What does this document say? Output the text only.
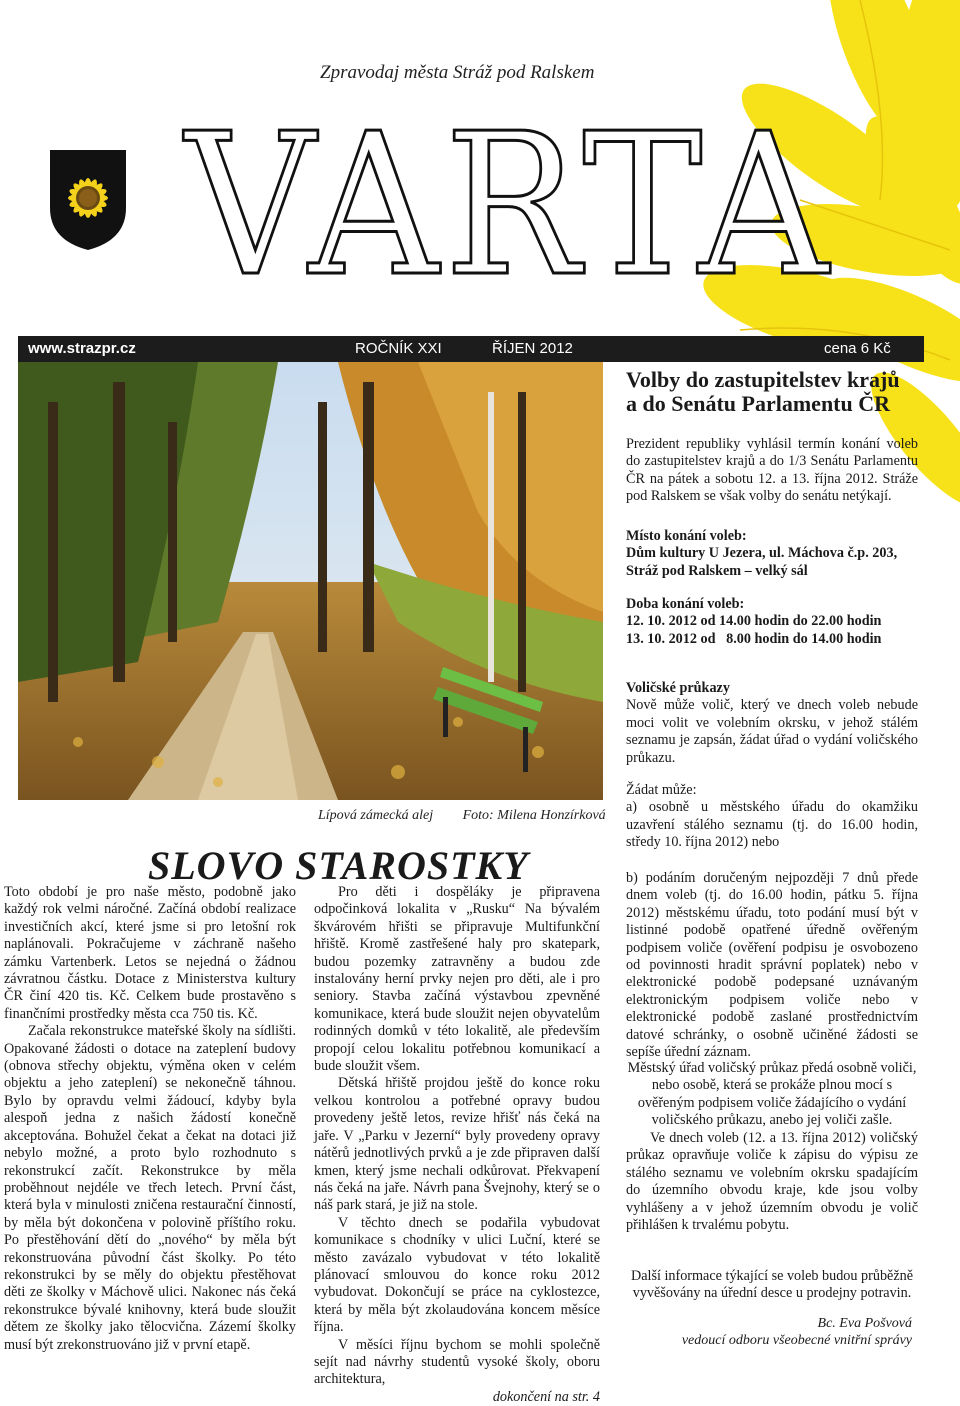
Zpravodaj města Stráž pod Ralskem
VARTA
www.strazpr.cz	ROČNÍK XXI	ŘÍJEN 2012	cena 6 Kč
Lípová zámecká alej Foto: Milena Honzírková
Volby do zastupitelstev krajů
a do Senátu Parlamentu ČR

Prezident republiky vyhlásil termín konání voleb do zastupitelstev krajů a do 1/3 Senátu Parlamentu ČR na pátek a sobotu 12. a 13. října 2012. Stráže pod Ralskem se však volby do senátu netýkají.

Místo konání voleb:

Dům kultury U Jezera, ul. Máchova č.p. 203,

Stráž pod Ralskem – velký sál

Doba konání voleb:

12. 10. 2012 od 14.00 hodin do 22.00 hodin

13. 10. 2012 od   8.00 hodin do 14.00 hodin

Voličské průkazy

Nově může volič, který ve dnech voleb nebude moci volit ve volebním okrsku, v jehož stálém seznamu je zapsán, žádat úřad o vydání voličského průkazu.

Žádat může:

a) osobně u městského úřadu do okamžiku uzavření stálého seznamu (tj. do 16.00 hodin, středy 10. října 2012) nebo

b) podáním doručeným nejpozději 7 dnů přede dnem voleb (tj. do 16.00 hodin, pátku 5. října 2012) městskému úřadu, toto podání musí být v listinné podobě opatřené úředně ověřeným podpisem voliče (ověření podpisu je osvobozeno od povinnosti hradit správní poplatek) nebo v elektronické podobě podepsané uznávaným elektronickým podpisem voliče nebo v elektronické podobě zaslané prostřednictvím datové schránky, o osobně učiněné žádosti se sepíše úřední záznam.

Městský úřad voličský průkaz předá osobně voliči, nebo osobě, která se prokáže plnou mocí s ověřeným podpisem voliče žádajícího o vydání voličského průkazu, anebo jej voliči zašle.

Ve dnech voleb (12. a 13. října 2012) voličský průkaz opravňuje voliče k zápisu do výpisu ze stálého seznamu ve volebním okrsku spadajícím do územního obvodu kraje, kde jsou volby vyhlášeny a v jehož územním obvodu je volič přihlášen k trvalému pobytu.

Další informace týkající se voleb budou průběžně vyvěšovány na úřední desce u prodejny potravin.

Bc. Eva Pošvová
vedoucí odboru všeobecné vnitřní správy
SLOVO STAROSTKY

Toto období je pro naše město, podobně jako každý rok velmi náročné. Začíná období realizace investičních akcí, které jsme si pro letošní rok naplánovali. Pokračujeme v záchraně našeho zámku Vartenberk. Letos se nejedná o žádnou závratnou částku. Dotace z Ministerstva kultury ČR činí 420 tis. Kč. Celkem bude prostavěno s finančními prostředky města cca 750 tis. Kč.

Začala rekonstrukce mateřské školy na sídlišti. Opakované žádosti o dotace na zateplení budovy (obnova střechy objektu, výměna oken v celém objektu a jeho zateplení) se nekonečně táhnou. Bylo by opravdu velmi žádoucí, kdyby byla alespoň jedna z našich žádostí konečně akceptována. Bohužel čekat a čekat na dotaci již nebylo možné, a proto bylo rozhodnuto s rekonstrukcí začít. Rekonstrukce by měla proběhnout nejdéle ve třech letech. První část, která byla v minulosti zničena restaurační činností, by měla být dokončena v polovině příštího roku. Po přestěhování dětí do „nového“ by měla být rekonstruována původní část školky. Po této rekonstrukci by se měly do objektu přestěhovat děti ze školky v Máchově ulici. Nakonec nás čeká rekonstrukce bývalé knihovny, která bude sloužit dětem ze školky jako tělocvična. Zázemí školky musí být zrekonstruováno již v první etapě.

Pro děti i dospěláky je připravena odpočinková lokalita v „Rusku“ Na bývalém škvárovém hřišti se připravuje Multifunkční hřiště. Kromě zastřešené haly pro skatepark, budou pozemky zatravněny a budou zde instalovány herní prvky nejen pro děti, ale i pro seniory. Stavba začíná výstavbou zpevněné komunikace, která bude sloužit nejen obyvatelům rodinných domků v této lokalitě, ale především propojí celou lokalitu potřebnou komunikací a bude sloužit všem.

Dětská hřiště projdou ještě do konce roku velkou kontrolou a potřebné opravy budou provedeny ještě letos, revize hřišť nás čeká na jaře. V „Parku v Jezerní“ byly provedeny opravy nátěrů jednotlivých prvků a je zde připraven další kmen, který jsme nechali odkůrovat. Překvapení nás čeká na jaře. Návrh pana Švejnohy, který se o náš park stará, je již na stole.

V těchto dnech se podařila vybudovat komunikace s chodníky v ulici Luční, které se město zavázalo vybudovat v této lokalitě plánovací smlouvou do konce roku 2012 vybudovat. Dokončují se práce na cyklostezce, která by měla být zkolaudována koncem měsíce října.

V měsíci říjnu bychom se mohli společně sejít nad návrhy studentů vysoké školy, oboru architektura,

dokončení na str. 4
